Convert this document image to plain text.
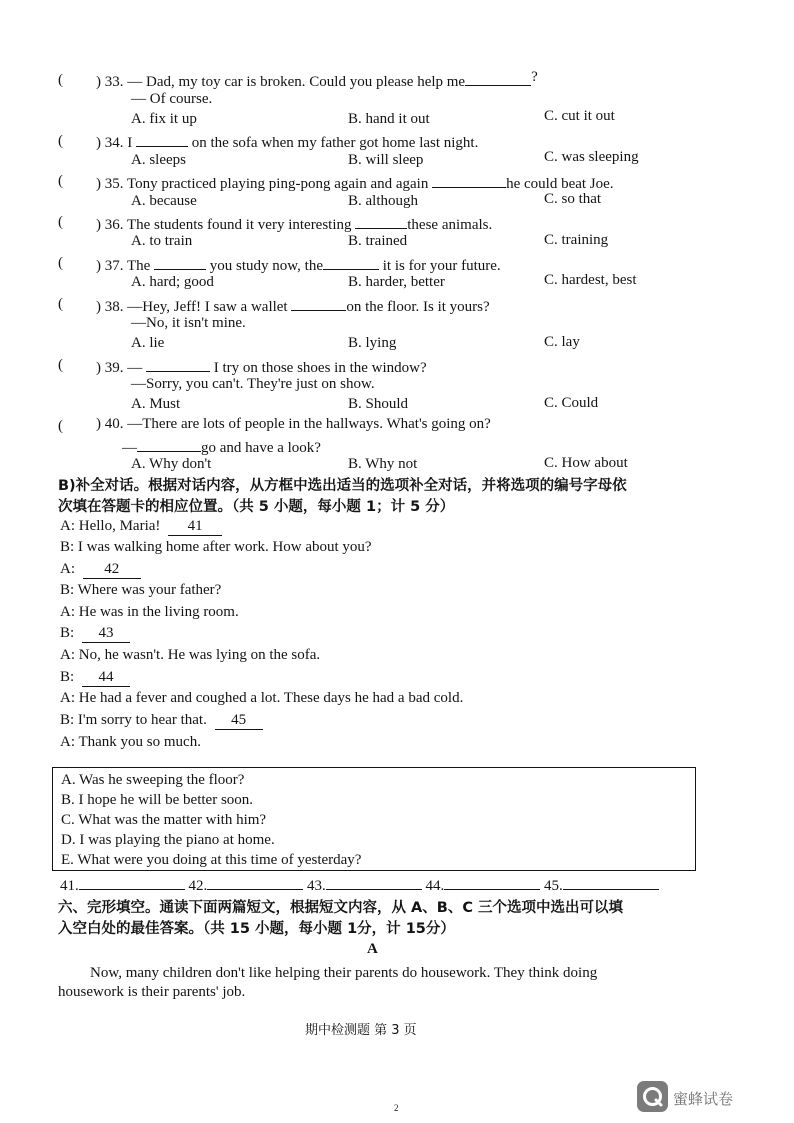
( ) 33. — Dad, my toy car is broken. Could you please help me	?
— Of course.
A. fix it up	B. hand it out	C. cut it out
( ) 34. I	on the sofa when my father got home last night.
A. sleeps	B. will sleep	C. was sleeping
( ) 35. Tony practiced playing ping-pong again and again	he could beat Joe.
A. because	B. although	C. so that
( ) 36. The students found it very interesting	these animals.
A. to train	B. trained	C. training
( ) 37. The	you study now, the	it is for your future.
A. hard; good	B. harder, better	C. hardest, best
( ) 38. —Hey, Jeff! I saw a wallet	on the floor. Is it yours?
—No, it isn't mine.
A. lie	B. lying	C. lay
( ) 39. —	I try on those shoes in the window?
—Sorry, you can't. They're just on show.
A. Must	B. Should	C. Could
( ) 40. —There are lots of people in the hallways. What's going on?
—	go and have a look?
A. Why don't	B. Why not	C. How about
B)补全对话。根据对话内容，从方框中选出适当的选项补全对话，并将选项的编号字母依
次填在答题卡的相应位置。（共 5 小题，每小题 1；计 5 分）
A: Hello, Maria! 41
B: I was walking home after work. How about you?
A: 42
B: Where was your father?
A: He was in the living room.
B: 43
A: No, he wasn't. He was lying on the sofa.
B: 44
A: He had a fever and coughed a lot. These days he had a bad cold.
B: I'm sorry to hear that. 45
A: Thank you so much.
A. Was he sweeping the floor?
B. I hope he will be better soon.
C. What was the matter with him?
D. I was playing the piano at home.
E. What were you doing at this time of yesterday?
41.	42.	43.	44.	45.
六、完形填空。通读下面两篇短文，根据短文内容，从 A、B、C 三个选项中选出可以填
入空白处的最佳答案。（共 15 小题，每小题 1分，计 15分）
A
Now, many children don't like helping their parents do housework. They think doing
housework is their parents' job.
期中检测题 第 3 页
2	蜜蜂试卷
